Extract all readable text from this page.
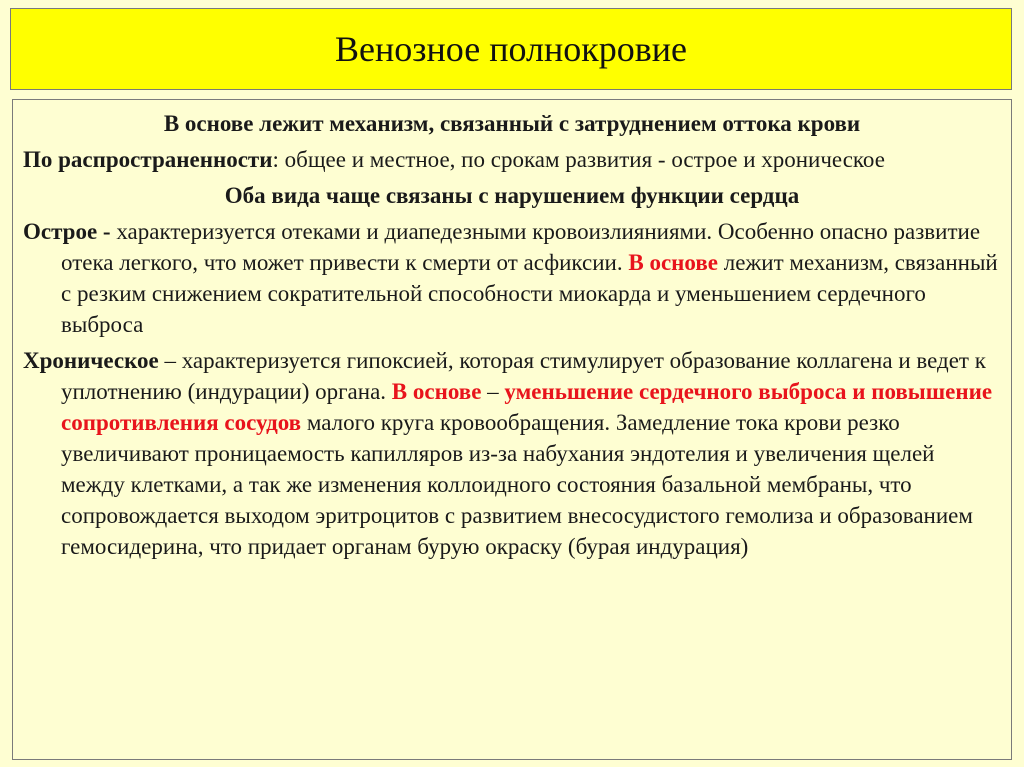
Венозное полнокровие

В основе лежит механизм, связанный с затруднением оттока крови

По распространенности: общее и местное, по срокам развития - острое и хроническое

Оба вида чаще связаны с нарушением функции сердца

Острое - характеризуется отеками и диапедезными кровоизлияниями. Особенно опасно развитие отека легкого, что может привести к смерти от асфиксии. В основе лежит механизм, связанный с резким снижением сократительной способности миокарда и уменьшением сердечного выброса

Хроническое – характеризуется гипоксией, которая стимулирует образование коллагена и ведет к уплотнению (индурации) органа. В основе – уменьшение сердечного выброса и повышение сопротивления сосудов малого круга кровообращения. Замедление тока крови резко увеличивают проницаемость капилляров из-за набухания эндотелия и увеличения щелей между клетками, а так же изменения коллоидного состояния базальной мембраны, что сопровождается выходом эритроцитов с развитием внесосудистого гемолиза и образованием гемосидерина, что придает органам бурую окраску (бурая индурация)
